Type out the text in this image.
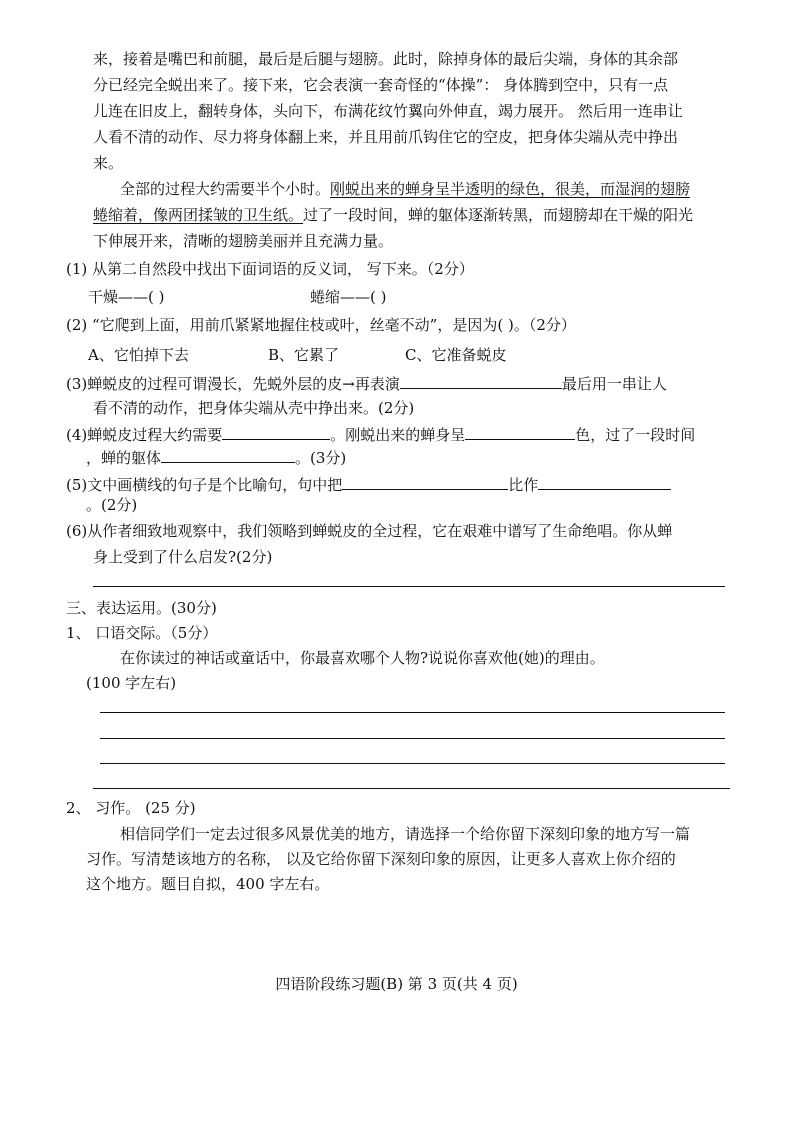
来，接着是嘴巴和前腿，最后是后腿与翅膀。此时，除掉身体的最后尖端，身体的其余部
分已经完全蜕出来了。接下来，它会表演一套奇怪的“体操”： 身体腾到空中，只有一点
儿连在旧皮上，翻转身体，头向下，布满花纹竹翼向外伸直，竭力展开。 然后用一连串让
人看不清的动作、尽力将身体翻上来，并且用前爪钩住它的空皮，把身体尖端从壳中挣出
来。
全部的过程大约需要半个小时。刚蜕出来的蝉身呈半透明的绿色，很美，而湿润的翅膀
蜷缩着，像两团揉皱的卫生纸。过了一段时间，蝉的躯体逐渐转黑，而翅膀却在干燥的阳光
下伸展开来，清晰的翅膀美丽并且充满力量。
(1) 从第二自然段中找出下面词语的反义词， 写下来。（2分）
干燥——( )	蜷缩——( )
(2) “它爬到上面，用前爪紧紧地握住枝或叶，丝毫不动”，是因为( )。（2分）
A、它怕掉下去	B、它累了	C、它准备蜕皮
(3)蝉蜕皮的过程可谓漫长，先蜕外层的皮→再表演	最后用一串让人
看不清的动作，把身体尖端从壳中挣出来。(2分)
(4)蝉蜕皮过程大约需要	。刚蜕出来的蝉身呈	色，过了一段时间
，蝉的躯体	。(3分)
(5)文中画横线的句子是个比喻句，句中把	比作
。(2分)
(6)从作者细致地观察中，我们领略到蝉蜕皮的全过程，它在艰难中谱写了生命绝唱。你从蝉
身上受到了什么启发?(2分)
三、表达运用。(30分)
1、 口语交际。（5分）
在你读过的神话或童话中，你最喜欢哪个人物?说说你喜欢他(她)的理由。
(100 字左右)
2、 习作。 (25 分)
相信同学们一定去过很多风景优美的地方，请选择一个给你留下深刻印象的地方写一篇
习作。写清楚该地方的名称， 以及它给你留下深刻印象的原因，让更多人喜欢上你介绍的
这个地方。题目自拟，400 字左右。
四语阶段练习题(B) 第 3 页(共 4 页)
